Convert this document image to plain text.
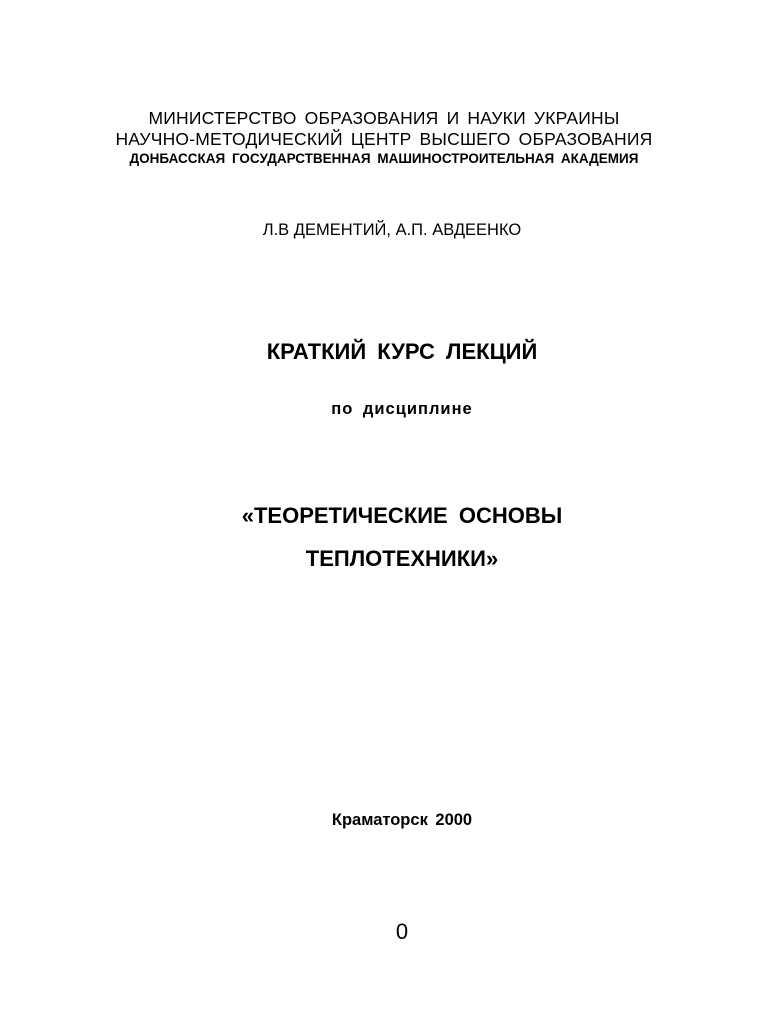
МИНИСТЕРСТВО ОБРАЗОВАНИЯ И НАУКИ УКРАИНЫ
НАУЧНО-МЕТОДИЧЕСКИЙ ЦЕНТР ВЫСШЕГО ОБРАЗОВАНИЯ
ДОНБАССКАЯ ГОСУДАРСТВЕННАЯ МАШИНОСТРОИТЕЛЬНАЯ АКАДЕМИЯ
Л.В ДЕМЕНТИЙ, А.П. АВДЕЕНКО
КРАТКИЙ КУРС ЛЕКЦИЙ
по дисциплине
«ТЕОРЕТИЧЕСКИЕ ОСНОВЫ
ТЕПЛОТЕХНИКИ»
Краматорск 2000
0
